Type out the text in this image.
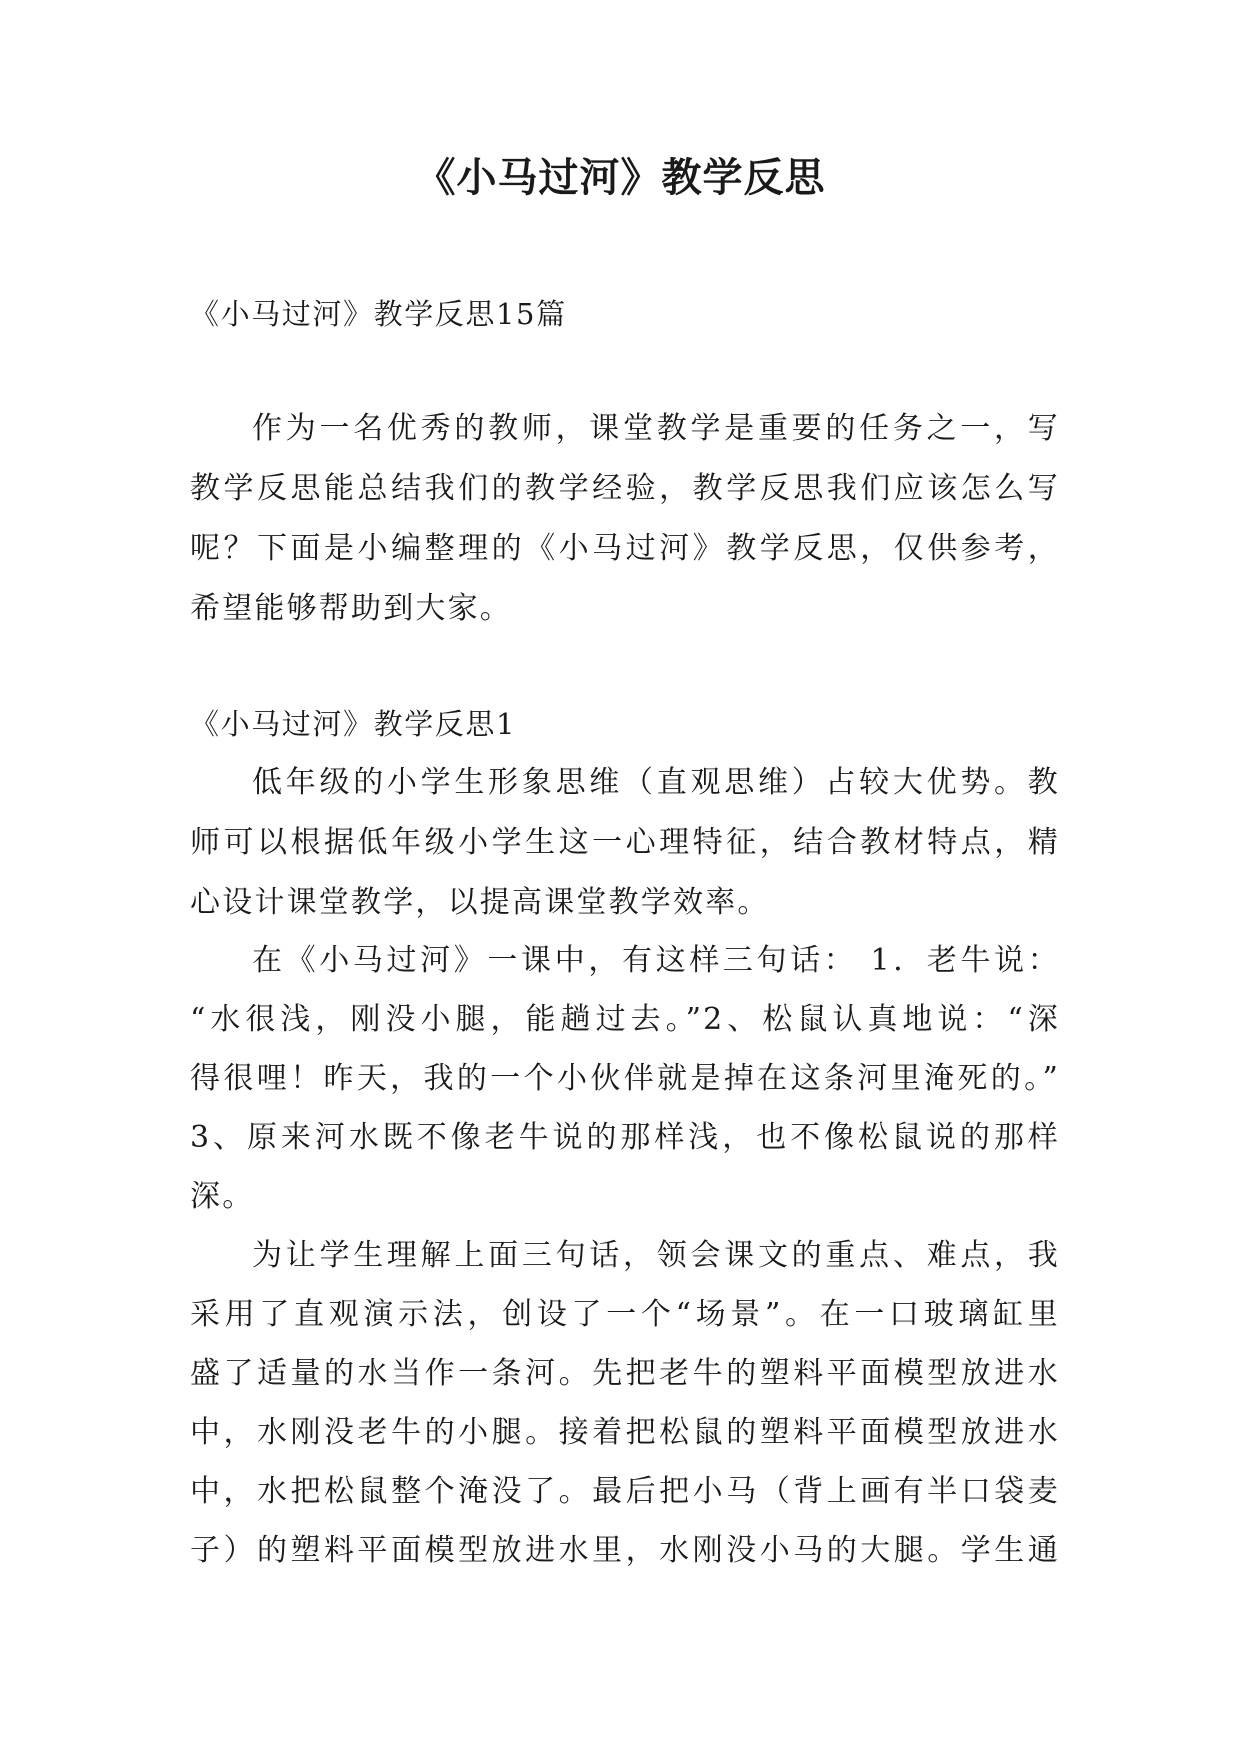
《小马过河》教学反思
《小马过河》教学反思15篇
作为一名优秀的教师，课堂教学是重要的任务之一，写
教学反思能总结我们的教学经验，教学反思我们应该怎么写
呢？下面是小编整理的《小马过河》教学反思，仅供参考，
希望能够帮助到大家。
《小马过河》教学反思1
低年级的小学生形象思维（直观思维）占较大优势。教
师可以根据低年级小学生这一心理特征，结合教材特点，精
心设计课堂教学，以提高课堂教学效率。
在《小马过河》一课中，有这样三句话： 1．老牛说：
“水很浅，刚没小腿，能趟过去。”2、松鼠认真地说：“深
得很哩！昨天，我的一个小伙伴就是掉在这条河里淹死的。”
3、原来河水既不像老牛说的那样浅，也不像松鼠说的那样
深。
为让学生理解上面三句话，领会课文的重点、难点，我
采用了直观演示法，创设了一个“场景”。在一口玻璃缸里
盛了适量的水当作一条河。先把老牛的塑料平面模型放进水
中，水刚没老牛的小腿。接着把松鼠的塑料平面模型放进水
中，水把松鼠整个淹没了。最后把小马（背上画有半口袋麦
子）的塑料平面模型放进水里，水刚没小马的大腿。学生通
